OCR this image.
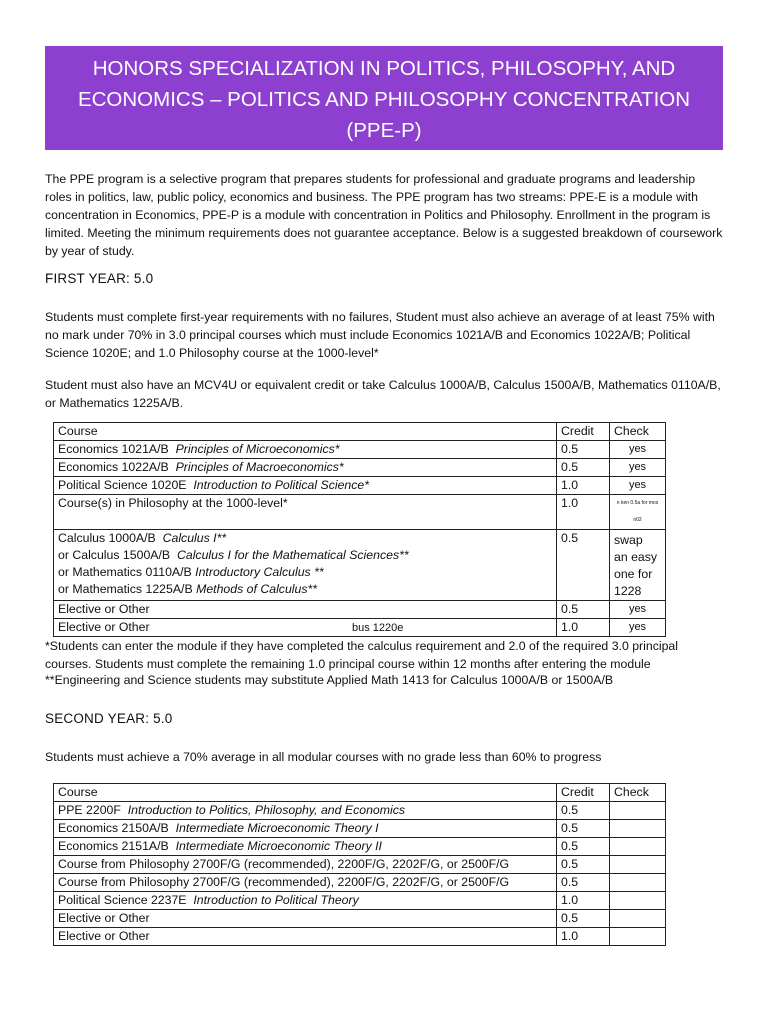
HONORS SPECIALIZATION IN POLITICS, PHILOSOPHY, AND
ECONOMICS – POLITICS AND PHILOSOPHY CONCENTRATION
(PPE-P)
The PPE program is a selective program that prepares students for professional and graduate programs and leadership roles in politics, law, public policy, economics and business. The PPE program has two streams: PPE-E is a module with concentration in Economics, PPE-P is a module with concentration in Politics and Philosophy. Enrollment in the program is limited. Meeting the minimum requirements does not guarantee acceptance. Below is a suggested breakdown of coursework by year of study.
FIRST YEAR: 5.0
Students must complete first-year requirements with no failures, Student must also achieve an average of at least 75% with no mark under 70% in 3.0 principal courses which must include Economics 1021A/B and Economics 1022A/B; Political Science 1020E; and 1.0 Philosophy course at the 1000-level*
Student must also have an MCV4U or equivalent credit or take Calculus 1000A/B, Calculus 1500A/B, Mathematics 0110A/B, or Mathematics 1225A/B.
Course	Credit	Check
Economics 1021A/B Principles of Microeconomics*	0.5	yes
Economics 1022A/B Principles of Macroeconomics*	0.5	yes
Political Science 1020E Introduction to Political Science*	1.0	yes
Course(s) in Philosophy at the 1000-level*	1.0	n ken 0.5a for mos n02

Calculus 1000A/B Calculus I**
or Calculus 1500A/B Calculus I for the Mathematical Sciences**
or Mathematics 0110A/B Introductory Calculus **
or Mathematics 1225A/B Methods of Calculus**	0.5	swap
an easy
one for
1228

Elective or Other	0.5	yes
Elective or Other bus 1220e	1.0	yes
*Students can enter the module if they have completed the calculus requirement and 2.0 of the required 3.0 principal courses. Students must complete the remaining 1.0 principal course within 12 months after entering the module
**Engineering and Science students may substitute Applied Math 1413 for Calculus 1000A/B or 1500A/B
SECOND YEAR: 5.0
Students must achieve a 70% average in all modular courses with no grade less than 60% to progress
Course	Credit	Check
PPE 2200F Introduction to Politics, Philosophy, and Economics	0.5	
Economics 2150A/B Intermediate Microeconomic Theory I	0.5	
Economics 2151A/B Intermediate Microeconomic Theory II	0.5	
Course from Philosophy 2700F/G (recommended), 2200F/G, 2202F/G, or 2500F/G	0.5	
Course from Philosophy 2700F/G (recommended), 2200F/G, 2202F/G, or 2500F/G	0.5	
Political Science 2237E Introduction to Political Theory	1.0	
Elective or Other	0.5	
Elective or Other	1.0	
